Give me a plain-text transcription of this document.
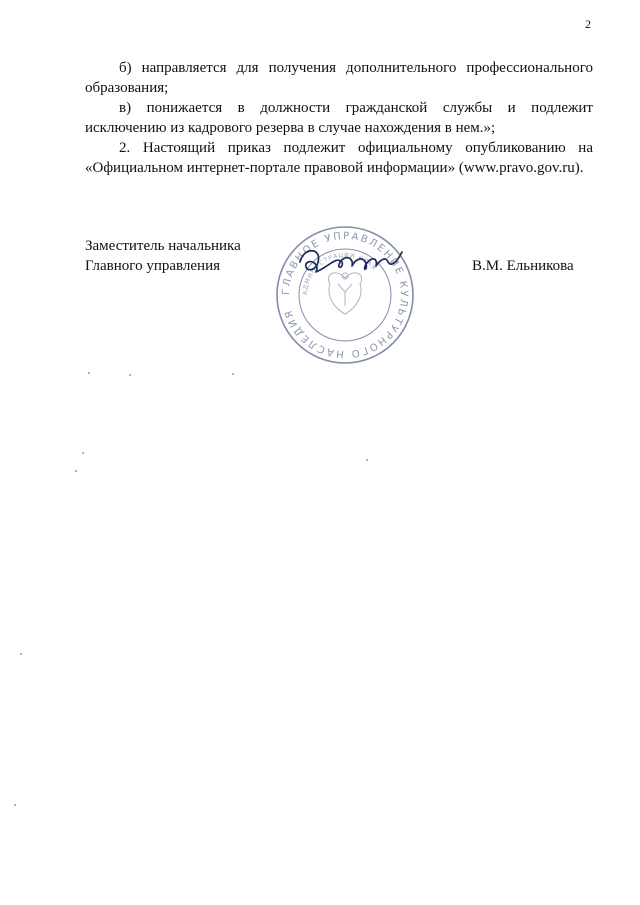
2

б) направляется для получения дополнительного профессионального образования;

в) понижается в должности гражданской службы и подлежит исключению из кадрового резерва в случае нахождения в нем.»;

2. Настоящий приказ подлежит официальному опубликованию на

«Официальном интернет-портале правовой информации» (www.pravo.gov.ru).

Заместитель начальника
Главного управления	В.М. Ельникова
ГЛАВНОЕ УПРАВЛЕНИЕ КУЛЬТУРНОГО НАСЛЕДИЯ
АДМИНИСТРАЦИИ КРАЯ
